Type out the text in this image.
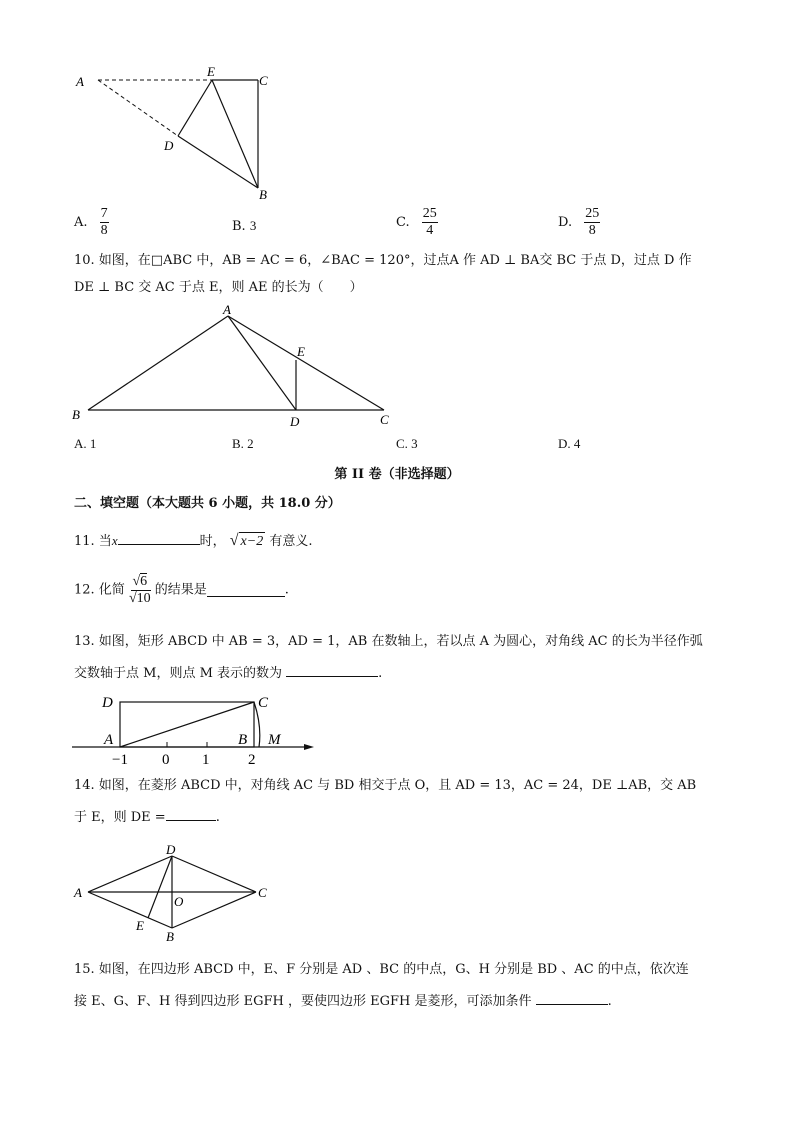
A
E
C
D
B
A. $\frac{7}{8}$	B. 3	C. $\frac{25}{4}$	D. $\frac{25}{8}$
10. 如图，在□ABC 中，AB = AC = 6，∠BAC = 120°，过点A 作 AD ⊥ BA交 BC 于点 D，过点 D 作
DE ⊥ BC 交 AC 于点 E，则 AE 的长为（　　）
A
E
B	D	C
A. 1	B. 2	C. 3	D. 4
第 II 卷（非选择题）
二、填空题（本大题共 6 小题，共 18.0 分）
11. 当x	时， √ x−2 有意义.
12. 化简 $\frac{√6}{√10}$ 的结果是	.
13. 如图，矩形 ABCD 中 AB = 3，AD = 1，AB 在数轴上，若以点 A 为圆心，对角线 AC 的长为半径作弧
交数轴于点 M，则点 M 表示的数为	.
D	C
A	B M
−1 0 1	2
14. 如图，在菱形 ABCD 中，对角线 AC 与 BD 相交于点 O，且 AD = 13，AC = 24，DE ⊥AB，交 AB
于 E，则 DE =	.
D
A	C
O
E
B
15. 如图，在四边形 ABCD 中，E、F 分别是 AD 、BC 的中点，G、H 分别是 BD 、AC 的中点，依次连
接 E、G、F、H 得到四边形 EGFH ，要使四边形 EGFH 是菱形，可添加条件	.
